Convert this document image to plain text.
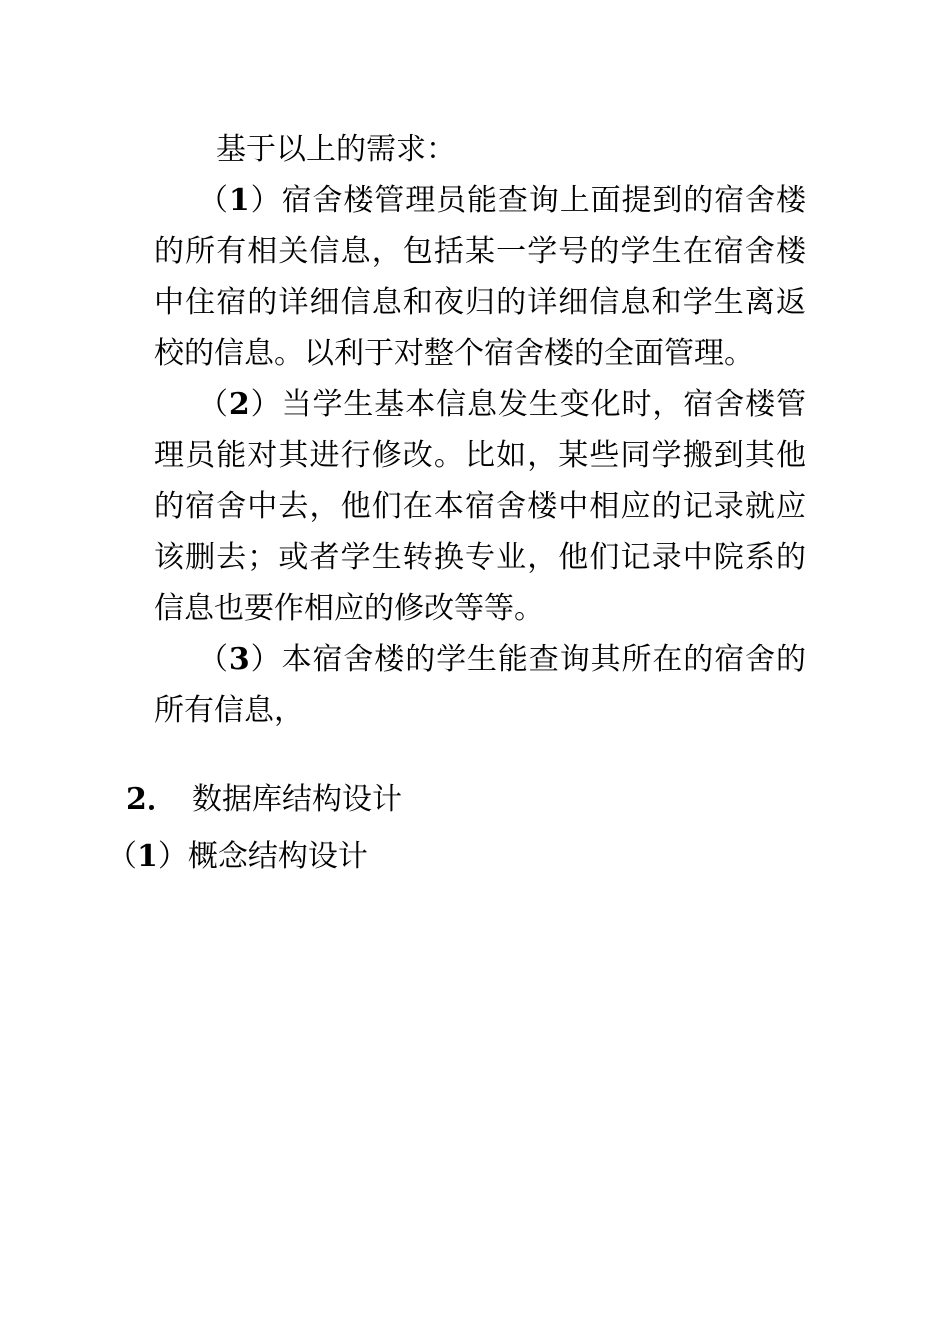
基于以上的需求：

（1）宿舍楼管理员能查询上面提到的宿舍楼的所有相关信息，包括某一学号的学生在宿舍楼中住宿的详细信息和夜归的详细信息和学生离返校的信息。以利于对整个宿舍楼的全面管理。

（2）当学生基本信息发生变化时，宿舍楼管理员能对其进行修改。比如，某些同学搬到其他的宿舍中去，他们在本宿舍楼中相应的记录就应该删去；或者学生转换专业，他们记录中院系的信息也要作相应的修改等等。

（3）本宿舍楼的学生能查询其所在的宿舍的所有信息，

2． 数据库结构设计

（1）概念结构设计
